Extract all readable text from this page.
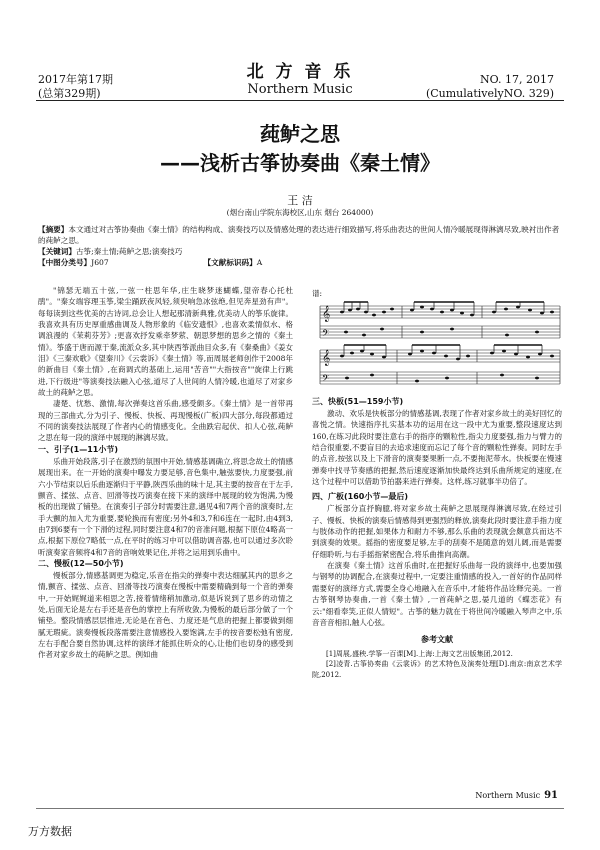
2017年第17期
(总第329期)
北 方 音 乐
Northern Music
NO. 17, 2017
(CumulativelyNO. 329)
莼鲈之思
——浅析古筝协奏曲《秦土情》
王 洁
(烟台南山学院东海校区,山东 烟台 264000)
【摘要】本文通过对古筝协奏曲《秦土情》的结构构成、演奏技巧以及情感处理的表达进行细致描写,将乐曲表达的世间人情冷暖展现得淋漓尽致,映衬出作者的莼鲈之思。
【关键词】古筝;秦土情;莼鲈之思;演奏技巧
【中图分类号】J607	【文献标识码】A

"锦瑟无端五十弦,一弦一柱思年华,庄生晓梦迷蝴蝶,望帝春心托杜鹃"。"秦女端容理玉筝,梁尘踊跃夜风轻,须臾响急冰弦绝,但见奔星劲有声"。每每读到这些优美的古诗词,总会让人想起那清新典雅,优美动人的筝乐旋律。我喜欢具有历史厚重感曲调及人物形象的《临安遗恨》,也喜欢柔情似水、格调浪漫的《茉莉芬芳》;更喜欢抒发乘牵梦萦、朝思梦想的思乡之情的《秦土情》。筝盛于唐而源于秦,流派众多,其中陕西筝派曲目众多,有《秦桑曲》《姜女泪》《三秦欢歌》《望秦川》《云裳诉》《秦土情》等,而周展老师创作于2008年的新曲目《秦土情》,在商调式的基础上,运用"苦音""大指按音""旋律上行跳进,下行级进"等演奏技法融入心弦,道尽了人世间的人情冷暖,也道尽了对家乡故土的莼鲈之思。

凄楚、忧愁、激情,每次弹奏这首乐曲,感受颇多。《秦土情》是一首带再现的三部曲式,分为引子、慢板、快板、再现慢板(广板)四大部分,每段都通过不同的演奏技法展现了作者内心的情感变化。全曲跌宕起伏、扣人心弦,莼鲈之思在每一段的演绎中展现的淋漓尽致。

一、引子(1—11小节)

乐曲开始段落,引子在激烈的氛围中开始,情感基调确立,将思念故土的情感展现出来。在一开始的演奏中曝发力要足够,音色集中,触弦要快,力度要强,前六小节结束以后乐曲逐渐归于平静,陕西乐曲的味十足,其主要的按音在于左手,颤音、揉弦、点音、回滑等技巧演奏在接下来的演绎中展现的较为饱满,为慢板的出现做了铺垫。在演奏引子部分时需要注意,遇见4和7两个音的演奏时,左手大颤的加入尤为重要,要轮换而有密度;另外4和3,7和6连在一起时,由4到3,由7到6要有一个下滑的过程,同时要注意4和7的音准问题,根据下原位4略高一点,根据下原位7略低一点,在平时的练习中可以借助调音器,也可以通过多次聆听演奏家音频将4和7音的音响效果记住,并将之运用到乐曲中。

二、慢板(12—50小节)

慢板部分,情感基调更为稳定,乐音在指尖的弹奏中表达细腻其内的思乡之情,颤音、揉弦、点音、回滑等技巧演奏在慢板中需要精确到每一个音的弹奏中,一开始娓娓道来相思之苦,接着情绪稍加激动,似是诉说到了思乡的动情之处,后面无论是左右手还是音色的掌控上有所收敛,为慢板的最后部分做了一个铺垫。整段情感层层推进,无论是在音色、力度还是气息的把握上都要做到细腻无瑕疵。演奏慢板段落需要注意情感投入要饱满,左手的按音要松弛有密度,左右手配合要自然协调,这样的演绎才能抓住听众的心,让他们也切身的感受到作者对家乡故土的莼鲈之思。例如曲

谱:
𝄞
𝄢
𝄞
𝄢
三、快板(51—159小节)

激动、欢乐是快板部分的情感基调,表现了作者对家乡故土的美好回忆的喜悦之情。快速指序扎实基本功的运用在这一段中尤为重要,整段速度达到160,在练习此段时要注意右手的指序的颗粒性,指尖力度要强,指力与臂力的结合很重要,不要盲目的去追求速度而忘记了每个音的颗粒性弹奏。同时左手的点音,按弦以及上下滑音的演奏要果断一点,不要拖泥带水。快板要在慢速弹奏中找寻节奏感的把握,然后速度逐渐加快最终达到乐曲所规定的速度,在这个过程中可以借助节拍器来进行弹奏。这样,练习就事半功倍了。

四、广板(160小节—最后)

广板部分直抒胸臆,将对家乡故土莼鲈之思展现得淋漓尽致,在经过引子、慢板、快板的演奏后情感得到更强烈的释放,演奏此段时要注意手指力度与肢体动作的把握,如果体力和耐力不够,那么乐曲的表现就会颇意兵而达不到演奏的效果。摇指的密度要足够,左手的刮奏不是随意的划儿阔,而是需要仔细聆听,与右手摇指紧密配合,将乐曲推向高潮。

在演奏《秦土情》这首乐曲时,在把握好乐曲每一段的演绎中,也要加强与钢琴的协调配合,在演奏过程中,一定要注重情感的投入,一首好的作品同样需要好的演绎方式,需要全身心地融入在音乐中,才能将作品诠释完美。一首古筝钢琴协奏曲,一首《秦土情》,一首莼鲈之思,晏几道的《蝶恋花》有云:"细看奉笑,正似人情短"。古筝的魅力就在于将世间冷暖融入琴声之中,乐音音音相扣,触人心弦。

参考文献

[1]周展,盛秧.学筝一百课[M].上海:上海文艺出版集团,2012.

[2]凌青.古筝协奏曲《云裳诉》的艺术特色及演奏处理[D].南京:南京艺术学院,2012.

Northern Music 91
万方数据
